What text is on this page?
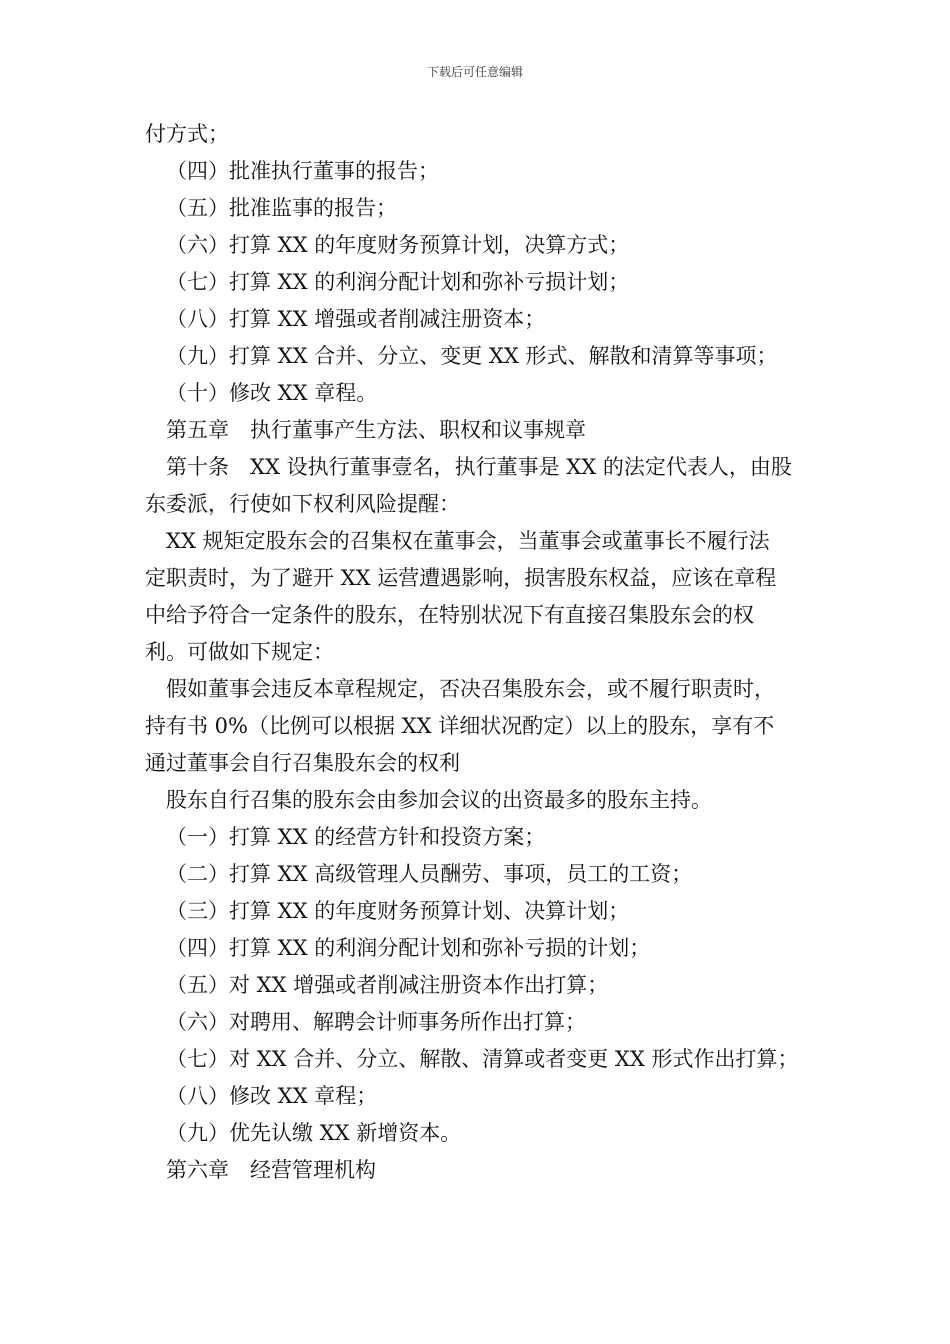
下载后可任意编辑
付方式；
（四）批准执行董事的报告；
（五）批准监事的报告；
（六）打算 XX 的年度财务预算计划，决算方式；
（七）打算 XX 的利润分配计划和弥补亏损计划；
（八）打算 XX 增强或者削减注册资本；
（九）打算 XX 合并、分立、变更 XX 形式、解散和清算等事项；
（十）修改 XX 章程。
第五章　执行董事产生方法、职权和议事规章
第十条　XX 设执行董事壹名，执行董事是 XX 的法定代表人，由股
东委派，行使如下权利风险提醒：
XX 规矩定股东会的召集权在董事会，当董事会或董事长不履行法
定职责时，为了避开 XX 运营遭遇影响，损害股东权益，应该在章程
中给予符合一定条件的股东，在特别状况下有直接召集股东会的权
利。可做如下规定：
假如董事会违反本章程规定，否决召集股东会，或不履行职责时，
持有书 0%（比例可以根据 XX 详细状况酌定）以上的股东，享有不
通过董事会自行召集股东会的权利
股东自行召集的股东会由参加会议的出资最多的股东主持。
（一）打算 XX 的经营方针和投资方案；
（二）打算 XX 高级管理人员酬劳、事项，员工的工资；
（三）打算 XX 的年度财务预算计划、决算计划；
（四）打算 XX 的利润分配计划和弥补亏损的计划；
（五）对 XX 增强或者削减注册资本作出打算；
（六）对聘用、解聘会计师事务所作出打算；
（七）对 XX 合并、分立、解散、清算或者变更 XX 形式作出打算；
（八）修改 XX 章程；
（九）优先认缴 XX 新增资本。
第六章　经营管理机构
